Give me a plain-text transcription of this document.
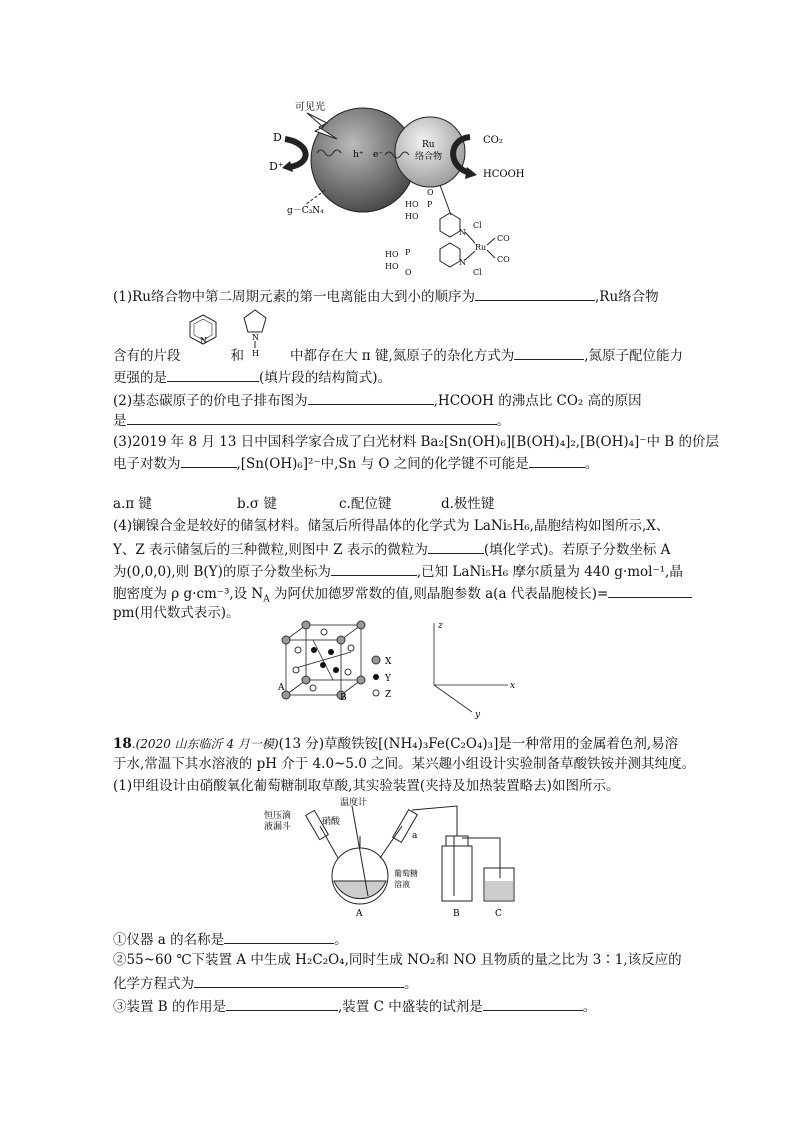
可见光
D
D⁺
h⁺ e⁻
Ru
络合物
CO₂
HCOOH
g－C₃N₄
O
HO P
HO
N
N
Ru
Cl
Cl
CO
CO
HO P
HO
O
(1)Ru络合物中第二周期元素的第一电离能由大到小的顺序为	,Ru络合物
N	N
H
含有的片段	和	中都存在大 π 键,氮原子的杂化方式为	,氮原子配位能力
更强的是	(填片段的结构简式)。
(2)基态碳原子的价电子排布图为	,HCOOH 的沸点比 CO₂ 高的原因
是	。
(3)2019 年 8 月 13 日中国科学家合成了白光材料 Ba₂[Sn(OH)₆][B(OH)₄]₂,[B(OH)₄]⁻中 B 的价层
电子对数为	,[Sn(OH)₆]²⁻中,Sn 与 O 之间的化学键不可能是	。
a.π 键	b.σ 键	c.配位键	d.极性键
(4)镧镍合金是较好的储氢材料。储氢后所得晶体的化学式为 LaNi₅H₆,晶胞结构如图所示,X、
Y、Z 表示储氢后的三种微粒,则图中 Z 表示的微粒为	(填化学式)。若原子分数坐标 A
为(0,0,0),则 B(Y)的原子分数坐标为	,已知 LaNi₅H₆ 摩尔质量为 440 g·mol⁻¹,晶
胞密度为 ρ g·cm⁻³,设 $N_A$ 为阿伏加德罗常数的值,则晶胞参数 a(a 代表晶胞棱长)=
pm(用代数式表示)。
A
B
X
Y
Z
z
x
y
18.(2020 山东临沂 4 月一模)(13 分)草酸铁铵[(NH₄)₃Fe(C₂O₄)₃]是一种常用的金属着色剂,易溶
于水,常温下其水溶液的 pH 介于 4.0~5.0 之间。某兴趣小组设计实验制备草酸铁铵并测其纯度。
(1)甲组设计由硝酸氧化葡萄糖制取草酸,其实验装置(夹持及加热装置略去)如图所示。
温度计
恒压滴
液漏斗	硝酸
a
葡萄糖
溶液
A	B	C
①仪器 a 的名称是	。
②55~60 ℃下装置 A 中生成 H₂C₂O₄,同时生成 NO₂和 NO 且物质的量之比为 3∶1,该反应的
化学方程式为	。
③装置 B 的作用是	,装置 C 中盛装的试剂是	。
